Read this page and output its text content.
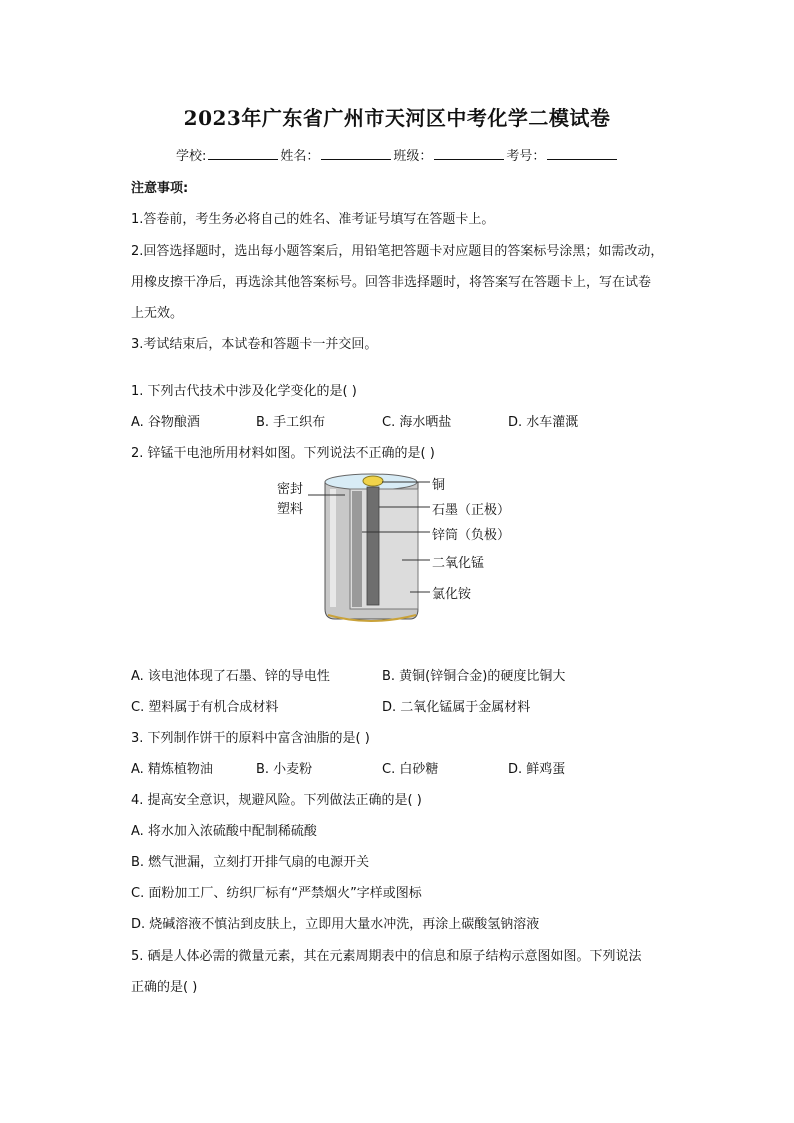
2023年广东省广州市天河区中考化学二模试卷
学校:	姓名：	班级：	考号：
注意事项:
1.答卷前，考生务必将自己的姓名、准考证号填写在答题卡上。
2.回答选择题时，选出每小题答案后，用铅笔把答题卡对应题目的答案标号涂黑；如需改动，
用橡皮擦干净后，再选涂其他答案标号。回答非选择题时，将答案写在答题卡上，写在试卷
上无效。
3.考试结束后，本试卷和答题卡一并交回。
1. 下列古代技术中涉及化学变化的是( )
A. 谷物酿酒	B. 手工织布	C. 海水晒盐	D. 水车灌溉
2. 锌锰干电池所用材料如图。下列说法不正确的是( )
密封
塑料
铜
石墨（正极）
锌筒（负极）
二氧化锰
氯化铵
A. 该电池体现了石墨、锌的导电性	B. 黄铜(锌铜合金)的硬度比铜大
C. 塑料属于有机合成材料	D. 二氧化锰属于金属材料
3. 下列制作饼干的原料中富含油脂的是( )
A. 精炼植物油	B. 小麦粉	C. 白砂糖	D. 鲜鸡蛋
4. 提高安全意识，规避风险。下列做法正确的是( )
A. 将水加入浓硫酸中配制稀硫酸
B. 燃气泄漏，立刻打开排气扇的电源开关
C. 面粉加工厂、纺织厂标有“严禁烟火”字样或图标
D. 烧碱溶液不慎沾到皮肤上，立即用大量水冲洗，再涂上碳酸氢钠溶液
5. 硒是人体必需的微量元素，其在元素周期表中的信息和原子结构示意图如图。下列说法
正确的是( )
